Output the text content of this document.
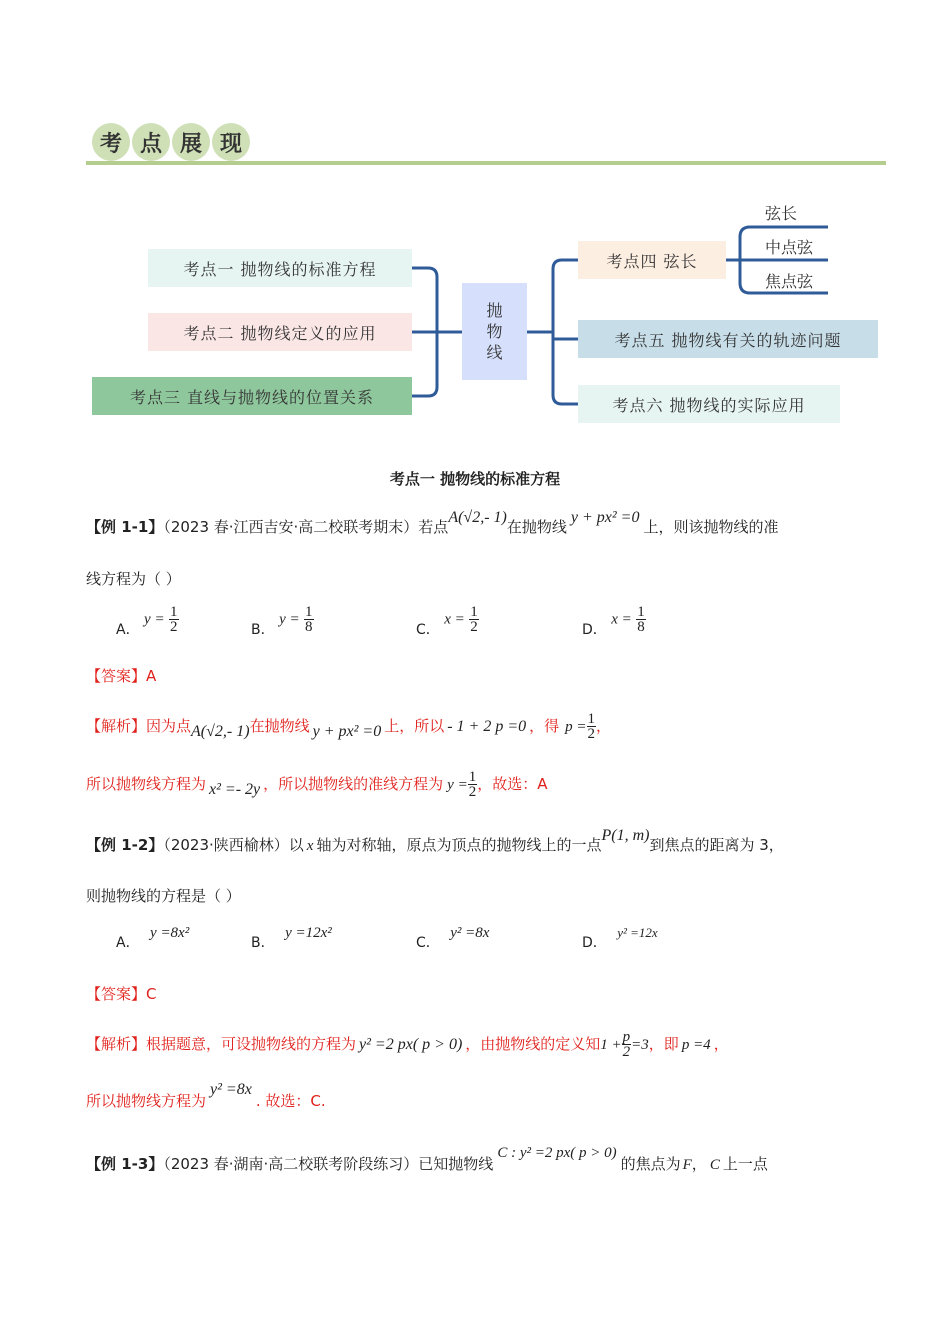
考 点 展 现
考点一 抛物线的标准方程
考点二 抛物线定义的应用
考点三 直线与抛物线的位置关系
抛
物
线
考点四 弦长
考点五 抛物线有关的轨迹问题
考点六 抛物线的实际应用
弦长
中点弦
焦点弦
考点一 抛物线的标准方程
【例 1-1】（2023 春·江西吉安·高二校联考期末）若点A(√2,- 1)在抛物线y + px² =0上，则该抛物线的准
线方程为（ ）
A． $y = \frac{1}{2}$	B． $y = \frac{1}{8}$	C． $x = \frac{1}{2}$	D． $x = \frac{1}{8}$
【答案】A
【解析】因为点A(√2,- 1)在抛物线 y + px² =0 上，所以 - 1 + 2 p =0 ，得 $p = \frac{1}{2}$ ，
所以抛物线方程为 x² =- 2y ，所以抛物线的准线方程为 $y = \frac{1}{2}$ ，故选：A
【例 1-2】（2023·陕西榆林）以 x 轴为对称轴，原点为顶点的抛物线上的一点P(1, m)到焦点的距离为 3，
则抛物线的方程是（ ）
A． y =8x²
B． y =12x²
C． y² =8x
D． y² =12x
【答案】C
【解析】根据题意，可设抛物线的方程为 y² =2 px( p > 0) ，由抛物线的定义知$1 + \frac{p}{2} =3$，即 p =4 ，
所以抛物线方程为y² =8x. 故选：C.
【例 1-3】（2023 春·湖南·高二校联考阶段练习）已知抛物线C : y² =2 px( p > 0)的焦点为 F， C 上一点
